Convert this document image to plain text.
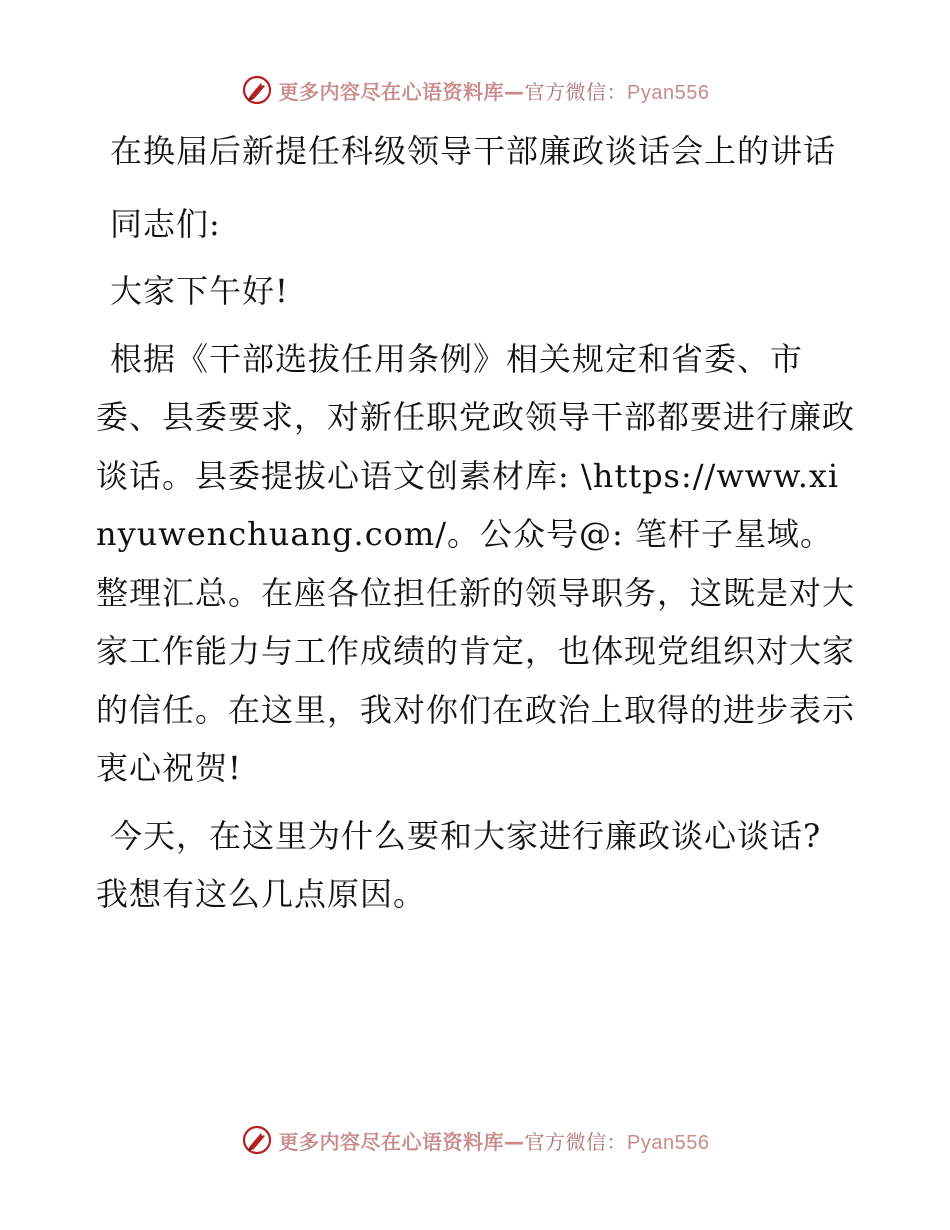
更多内容尽在心语资料库—官方微信：Pyan556

在换届后新提任科级领导干部廉政谈话会上的讲话

同志们:

大家下午好!

根据《干部选拔任用条例》相关规定和省委、市委、县委要求，对新任职党政领导干部都要进行廉政谈话。县委提拔心语文创素材库: \https://www.xinyuwenchuang.com/。公众号@: 笔杆子星域。整理汇总。在座各位担任新的领导职务，这既是对大家工作能力与工作成绩的肯定，也体现党组织对大家的信任。在这里，我对你们在政治上取得的进步表示衷心祝贺!

今天，在这里为什么要和大家进行廉政谈心谈话? 我想有这么几点原因。

更多内容尽在心语资料库—官方微信：Pyan556
